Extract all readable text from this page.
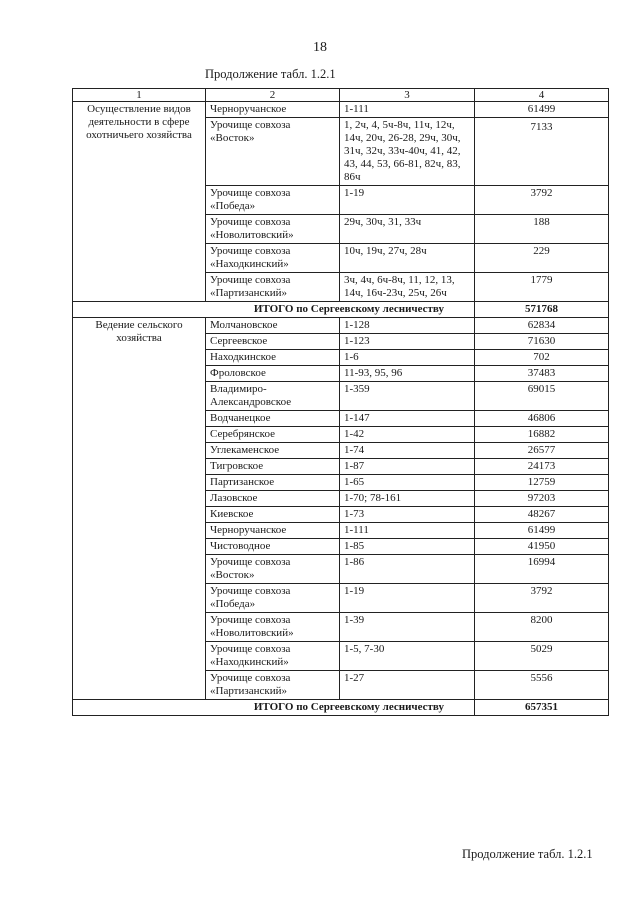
18
Продолжение табл. 1.2.1
1	2	3	4
Осуществление видов деятельности в сфере охотничьего хозяйства	Черноручанское	1-111	61499
	Урочище совхоза «Восток»	1, 2ч, 4, 5ч-8ч, 11ч, 12ч, 14ч, 20ч, 26-28, 29ч, 30ч, 31ч, 32ч, 33ч-40ч, 41, 42, 43, 44, 53, 66-81, 82ч, 83, 86ч	7133
	Урочище совхоза «Победа»	1-19	3792
	Урочище совхоза «Новолитовский»	29ч, 30ч, 31, 33ч	188
	Урочище совхоза «Находкинский»	10ч, 19ч, 27ч, 28ч	229
	Урочище совхоза «Партизанский»	3ч, 4ч, 6ч-8ч, 11, 12, 13, 14ч, 16ч-23ч, 25ч, 26ч	1779
ИТОГО по Сергеевскому лесничеству			571768
Ведение сельского хозяйства	Молчановское	1-128	62834
	Сергеевское	1-123	71630
	Находкинское	1-6	702
	Фроловское	11-93, 95, 96	37483
	Владимиро-Александровское	1-359	69015
	Водчанецкое	1-147	46806
	Серебрянское	1-42	16882
	Углекаменское	1-74	26577
	Тигровское	1-87	24173
	Партизанское	1-65	12759
	Лазовское	1-70; 78-161	97203
	Киевское	1-73	48267
	Черноручанское	1-111	61499
	Чистоводное	1-85	41950
	Урочище совхоза «Восток»	1-86	16994
	Урочище совхоза «Победа»	1-19	3792
	Урочище совхоза «Новолитовский»	1-39	8200
	Урочище совхоза «Находкинский»	1-5, 7-30	5029
	Урочище совхоза «Партизанский»	1-27	5556
ИТОГО по Сергеевскому лесничеству			657351
Продолжение табл. 1.2.1
